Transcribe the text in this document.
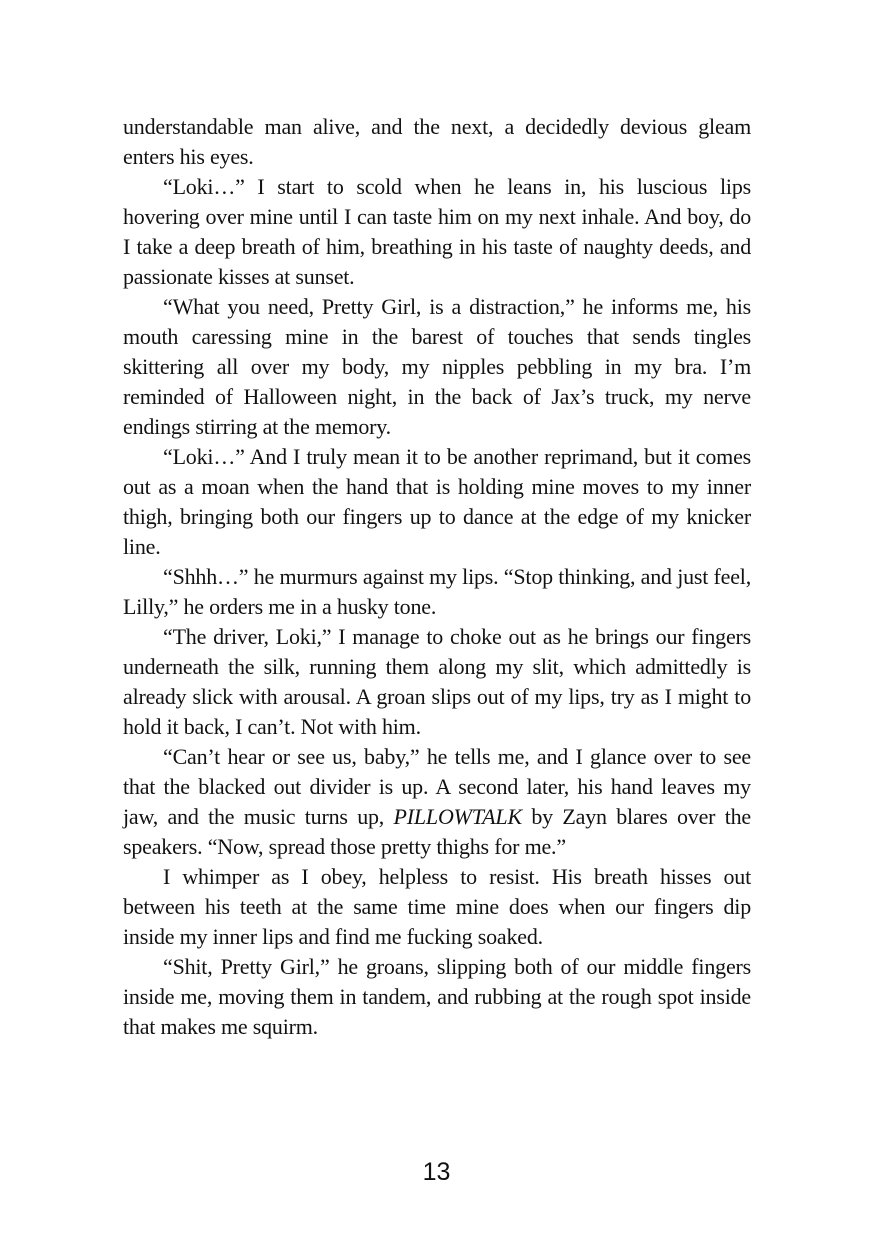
understandable man alive, and the next, a decidedly devious gleam enters his eyes.

“Loki…” I start to scold when he leans in, his luscious lips hovering over mine until I can taste him on my next inhale. And boy, do I take a deep breath of him, breathing in his taste of naughty deeds, and passionate kisses at sunset.

“What you need, Pretty Girl, is a distraction,” he informs me, his mouth caressing mine in the barest of touches that sends tingles skittering all over my body, my nipples pebbling in my bra. I’m reminded of Halloween night, in the back of Jax’s truck, my nerve endings stirring at the memory.

“Loki…” And I truly mean it to be another reprimand, but it comes out as a moan when the hand that is holding mine moves to my inner thigh, bringing both our fingers up to dance at the edge of my knicker line.

“Shhh…” he murmurs against my lips. “Stop thinking, and just feel, Lilly,” he orders me in a husky tone.

“The driver, Loki,” I manage to choke out as he brings our fingers underneath the silk, running them along my slit, which admittedly is already slick with arousal. A groan slips out of my lips, try as I might to hold it back, I can’t. Not with him.

“Can’t hear or see us, baby,” he tells me, and I glance over to see that the blacked out divider is up. A second later, his hand leaves my jaw, and the music turns up, PILLOWTALK by Zayn blares over the speakers. “Now, spread those pretty thighs for me.”

I whimper as I obey, helpless to resist. His breath hisses out between his teeth at the same time mine does when our fingers dip inside my inner lips and find me fucking soaked.

“Shit, Pretty Girl,” he groans, slipping both of our middle fingers inside me, moving them in tandem, and rubbing at the rough spot inside that makes me squirm.

13
